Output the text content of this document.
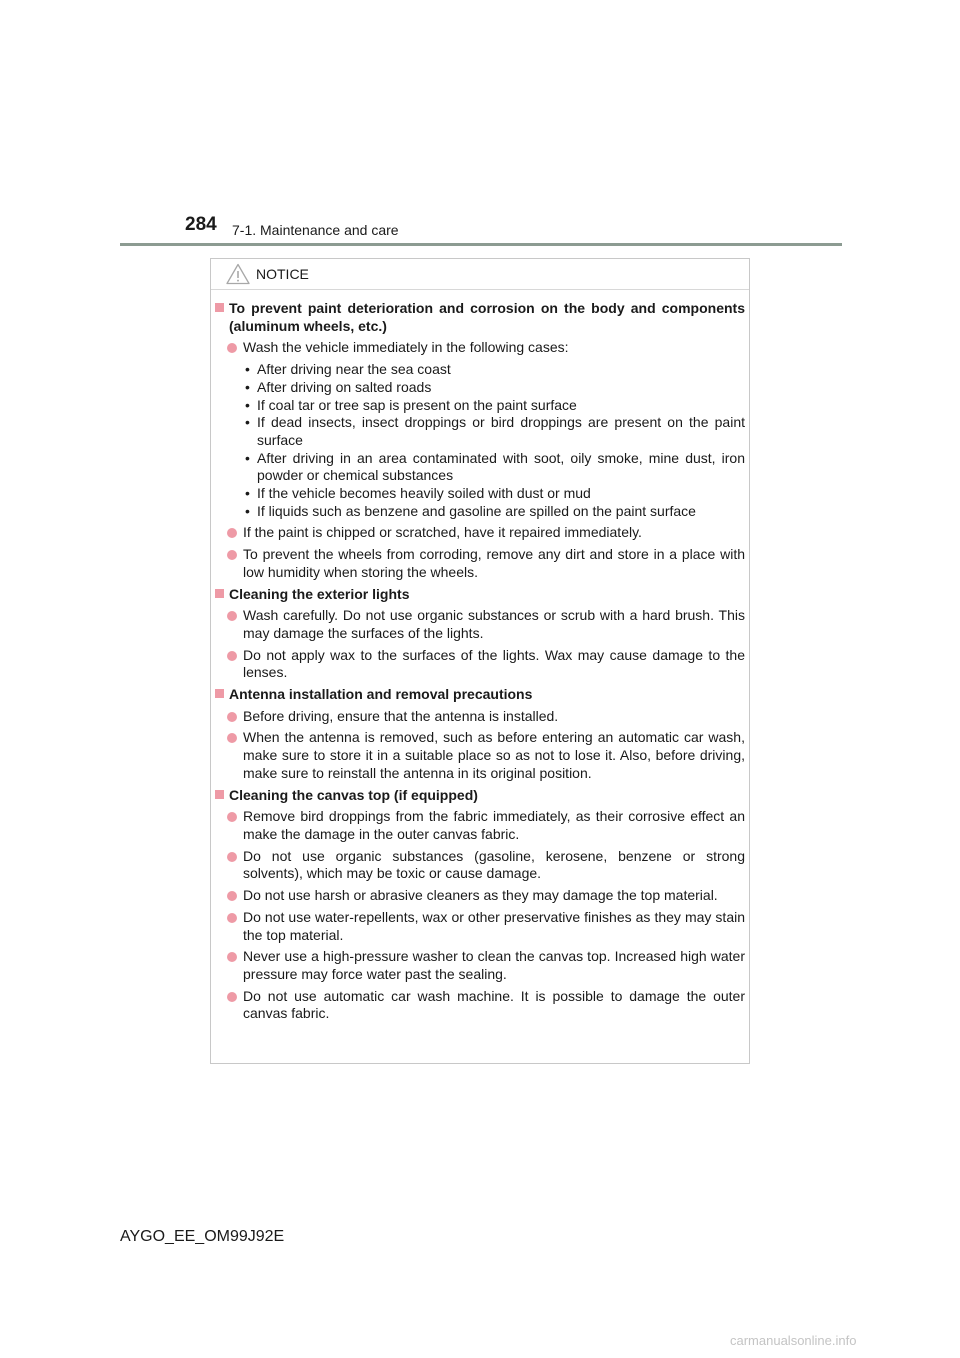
284 7-1. Maintenance and care
NOTICE
To prevent paint deterioration and corrosion on the body and components (aluminum wheels, etc.)
Wash the vehicle immediately in the following cases:
• After driving near the sea coast
• After driving on salted roads
• If coal tar or tree sap is present on the paint surface
• If dead insects, insect droppings or bird droppings are present on the paint surface
• After driving in an area contaminated with soot, oily smoke, mine dust, iron powder or chemical substances
• If the vehicle becomes heavily soiled with dust or mud
• If liquids such as benzene and gasoline are spilled on the paint surface
If the paint is chipped or scratched, have it repaired immediately.
To prevent the wheels from corroding, remove any dirt and store in a place with low humidity when storing the wheels.
Cleaning the exterior lights
Wash carefully. Do not use organic substances or scrub with a hard brush. This may damage the surfaces of the lights.
Do not apply wax to the surfaces of the lights. Wax may cause damage to the lenses.
Antenna installation and removal precautions
Before driving, ensure that the antenna is installed.
When the antenna is removed, such as before entering an automatic car wash, make sure to store it in a suitable place so as not to lose it. Also, before driving, make sure to reinstall the antenna in its original position.
Cleaning the canvas top (if equipped)
Remove bird droppings from the fabric immediately, as their corrosive effect an make the damage in the outer canvas fabric.
Do not use organic substances (gasoline, kerosene, benzene or strong solvents), which may be toxic or cause damage.
Do not use harsh or abrasive cleaners as they may damage the top material.
Do not use water-repellents, wax or other preservative finishes as they may stain the top material.
Never use a high-pressure washer to clean the canvas top. Increased high water pressure may force water past the sealing.
Do not use automatic car wash machine. It is possible to damage the outer canvas fabric.
AYGO_EE_OM99J92E
carmanualsonline.info
